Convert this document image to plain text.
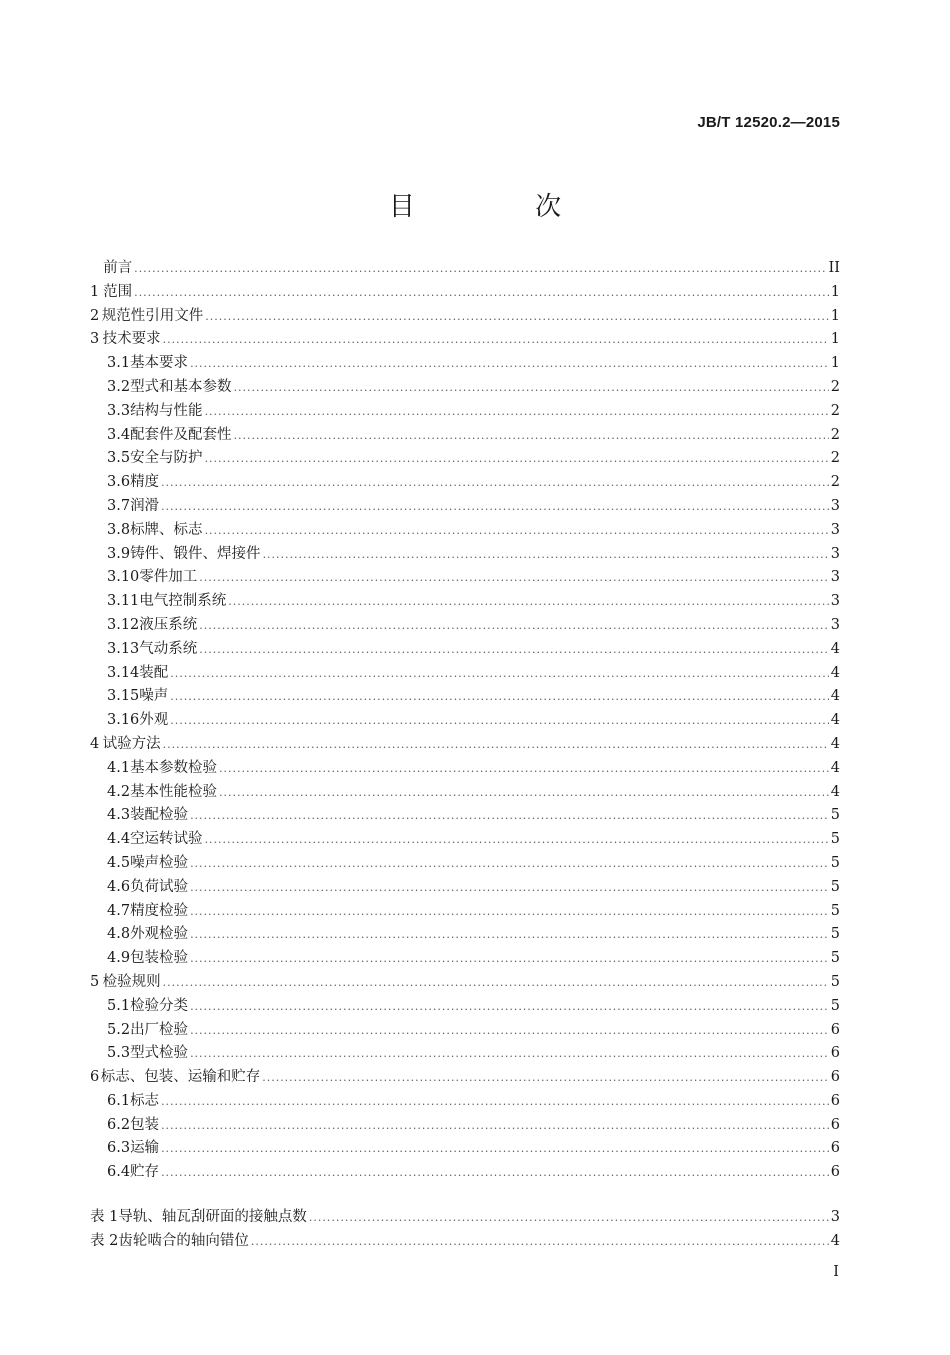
JB/T 12520.2—2015
目 次
前言 .....	II
1 范围 .....	1
2 规范性引用文件 .....	1
3 技术要求 .....	1
3.1 基本要求 .....	1
3.2 型式和基本参数 .....	2
3.3 结构与性能 .....	2
3.4 配套件及配套性 .....	2
3.5 安全与防护 .....	2
3.6 精度 .....	2
3.7 润滑 .....	3
3.8 标牌、标志 .....	3
3.9 铸件、锻件、焊接件 .....	3
3.10 零件加工 .....	3
3.11 电气控制系统 .....	3
3.12 液压系统 .....	3
3.13 气动系统 .....	4
3.14 装配 .....	4
3.15 噪声 .....	4
3.16 外观 .....	4
4 试验方法 .....	4
4.1 基本参数检验 .....	4
4.2 基本性能检验 .....	4
4.3 装配检验 .....	5
4.4 空运转试验 .....	5
4.5 噪声检验 .....	5
4.6 负荷试验 .....	5
4.7 精度检验 .....	5
4.8 外观检验 .....	5
4.9 包装检验 .....	5
5 检验规则 .....	5
5.1 检验分类 .....	5
5.2 出厂检验 .....	6
5.3 型式检验 .....	6
6 标志、包装、运输和贮存 .....	6
6.1 标志 .....	6
6.2 包装 .....	6
6.3 运输 .....	6
6.4 贮存 .....	6
表 1 导轨、轴瓦刮研面的接触点数 .....	3
表 2 齿轮啮合的轴向错位 .....	4
I
